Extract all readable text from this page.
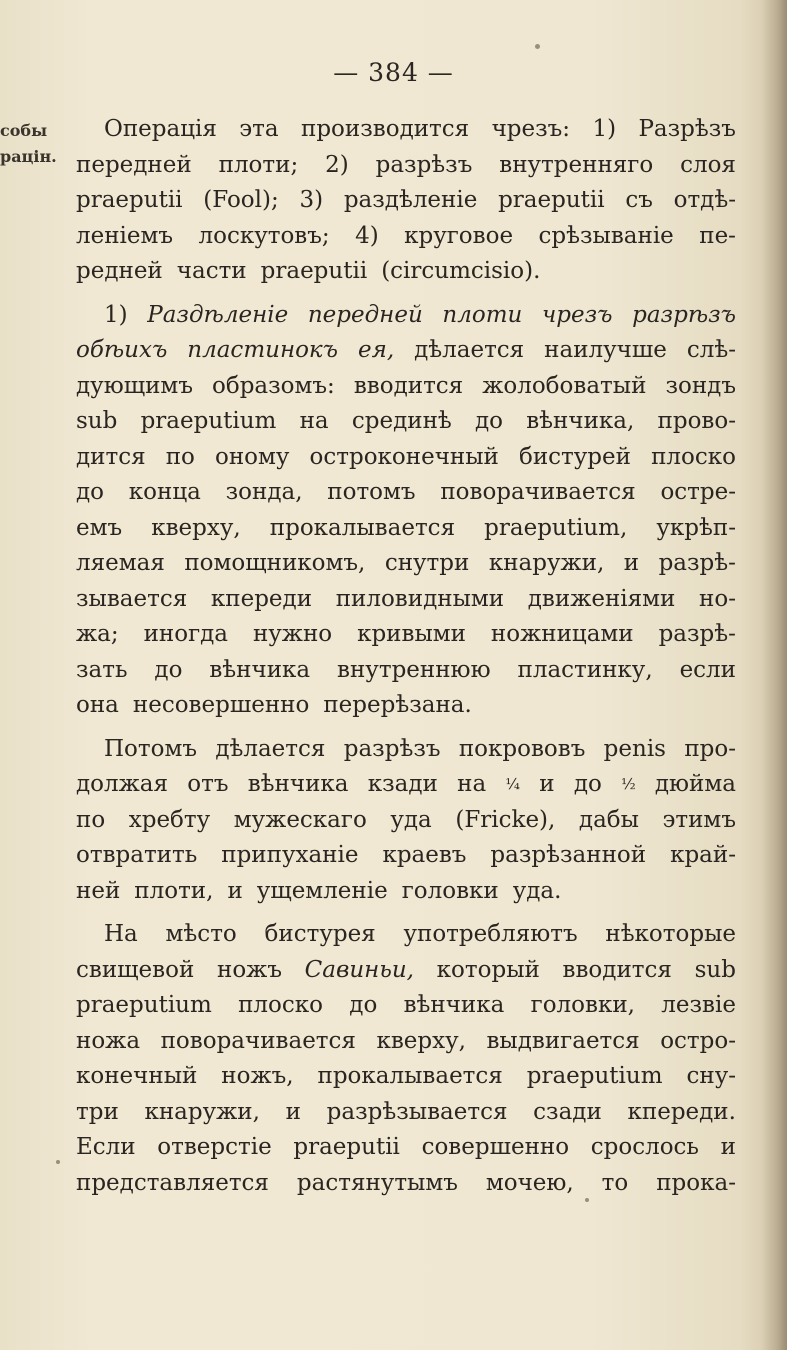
— 384 —
собы
рацін.
Операція эта производится чрезъ: 1) Разрѣзъ
передней плоти; 2) разрѣзъ внутренняго слоя
praeputii (Fool); 3) раздѣленіе praeputii съ отдѣ-
леніемъ лоскутовъ; 4) круговое срѣзываніе пе-
редней части praeputii (circumcisio).
1) Раздѣленіе передней плоти чрезъ разрѣзъ
обѣихъ пластинокъ ея, дѣлается наилучше слѣ-
дующимъ образомъ: вводится жолобоватый зондъ
sub praeputium на срединѣ до вѣнчика, прово-
дится по оному остроконечный бистурей плоско
до конца зонда, потомъ поворачивается остре-
емъ кверху, прокалывается praeputium, укрѣп-
ляемая помощникомъ, снутри кнаружи, и разрѣ-
зывается кпереди пиловидными движеніями но-
жа; иногда нужно кривыми ножницами разрѣ-
зать до вѣнчика внутреннюю пластинку, если
она несовершенно перерѣзана.
Потомъ дѣлается разрѣзъ покрововъ penis про-
должая отъ вѣнчика кзади на ¼ и до ½ дюйма
по хребту мужескаго уда (Fricke), дабы этимъ
отвратить припуханіе краевъ разрѣзанной край-
ней плоти, и ущемленіе головки уда.
На мѣсто бистурея употребляютъ нѣкоторые
свищевой ножъ Савиньи, который вводится sub
praeputium плоско до вѣнчика головки, лезвіе
ножа поворачивается кверху, выдвигается остро-
конечный ножъ, прокалывается praeputium сну-
три кнаружи, и разрѣзывается сзади кпереди.
Если отверстіе praeputii совершенно срослось и
представляется растянутымъ мочею, то прока-
